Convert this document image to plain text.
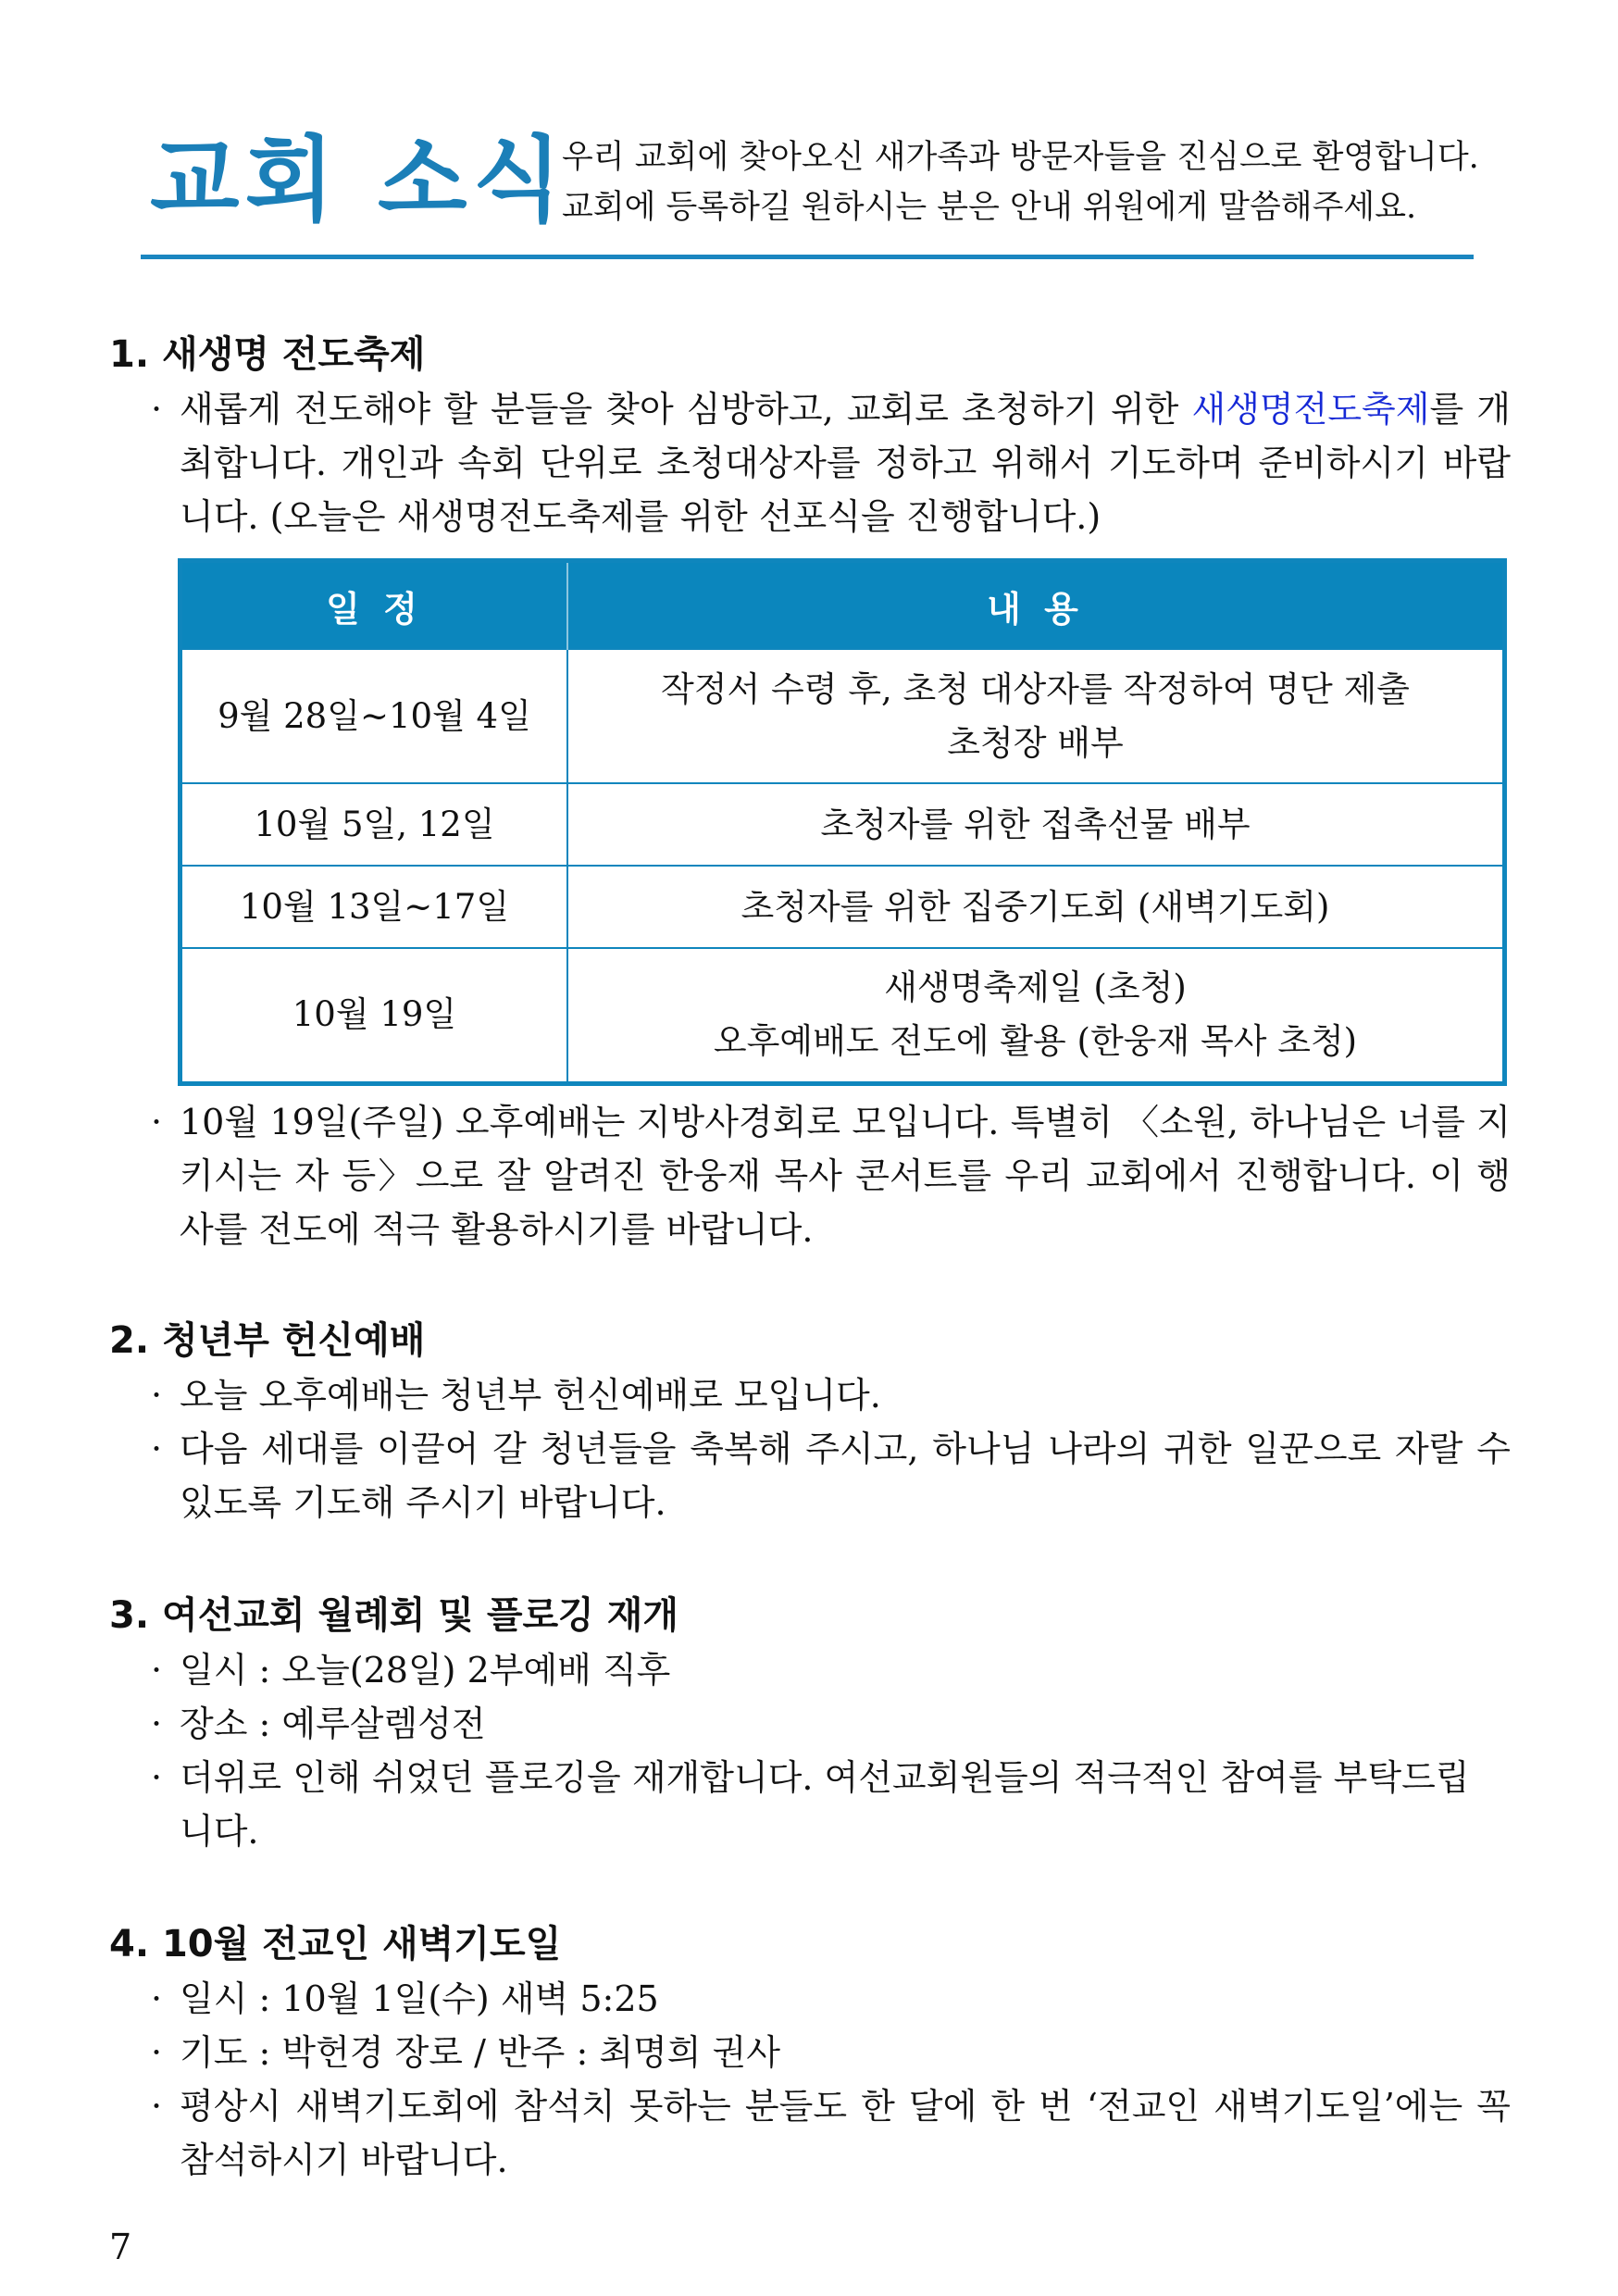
교회 소식
우리 교회에 찾아오신 새가족과 방문자들을 진심으로 환영합니다.
교회에 등록하길 원하시는 분은 안내 위원에게 말씀해주세요.
1. 새생명 전도축제
· 새롭게 전도해야 할 분들을 찾아 심방하고, 교회로 초청하기 위한 새생명전도축제를 개최합니다. 개인과 속회 단위로 초청대상자를 정하고 위해서 기도하며 준비하시기 바랍니다. (오늘은 새생명전도축제를 위한 선포식을 진행합니다.)
일 정	내 용
9월 28일~10월 4일	작정서 수령 후, 초청 대상자를 작정하여 명단 제출
초청장 배부

10월 5일, 12일	초청자를 위한 접촉선물 배부

10월 13일~17일	초청자를 위한 집중기도회 (새벽기도회)

10월 19일	새생명축제일 (초청)
오후예배도 전도에 활용 (한웅재 목사 초청)
· 10월 19일(주일) 오후예배는 지방사경회로 모입니다. 특별히 〈소원, 하나님은 너를 지키시는 자 등〉으로 잘 알려진 한웅재 목사 콘서트를 우리 교회에서 진행합니다. 이 행사를 전도에 적극 활용하시기를 바랍니다.
2. 청년부 헌신예배
· 오늘 오후예배는 청년부 헌신예배로 모입니다.
· 다음 세대를 이끌어 갈 청년들을 축복해 주시고, 하나님 나라의 귀한 일꾼으로 자랄 수 있도록 기도해 주시기 바랍니다.
3. 여선교회 월례회 및 플로깅 재개
· 일시 : 오늘(28일) 2부예배 직후
· 장소 : 예루살렘성전
· 더위로 인해 쉬었던 플로깅을 재개합니다. 여선교회원들의 적극적인 참여를 부탁드립니다.
4. 10월 전교인 새벽기도일
· 일시 : 10월 1일(수) 새벽 5:25
· 기도 : 박헌경 장로 / 반주 : 최명희 권사
· 평상시 새벽기도회에 참석치 못하는 분들도 한 달에 한 번 ‘전교인 새벽기도일’에는 꼭 참석하시기 바랍니다.
7
